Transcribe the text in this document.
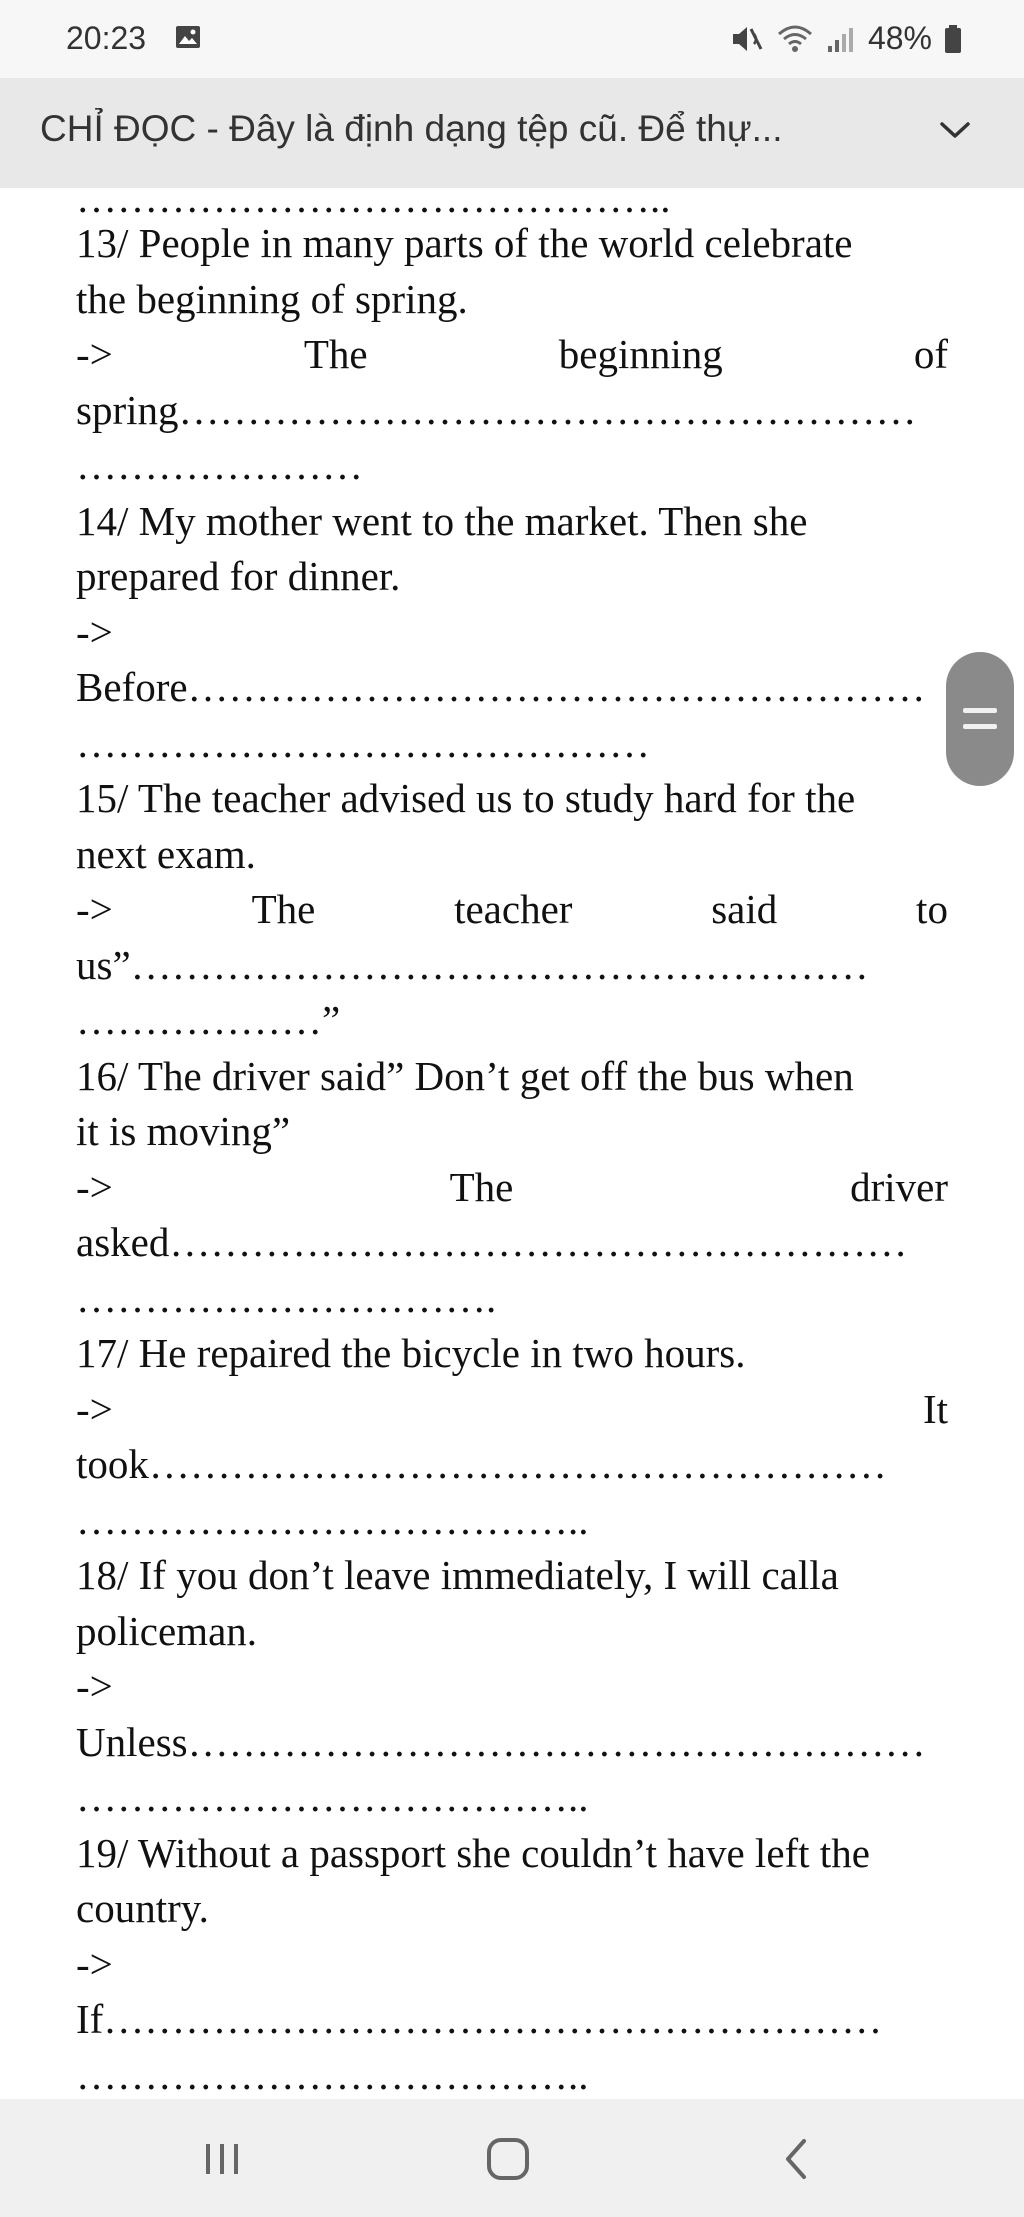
20:23	48%
CHỈ ĐỌC - Đây là định dạng tệp cũ. Để thự...
……………………………………..
13/ People in many parts of the world celebrate
the beginning of spring.
->	The	beginning	of
spring………………………………………………
…………………
14/ My mother went to the market. Then she
prepared for dinner.
->
Before………………………………………………
……………………………………
15/ The teacher advised us to study hard for the
next exam.
->	The	teacher	said	to
us”………………………………………………
………………”
16/ The driver said” Don’t get off the bus when
it is moving”
->	The	driver
asked………………………………………………
………………………….
17/ He repaired the bicycle in two hours.
->	It
took………………………………………………
………………………………..
18/ If you don’t leave immediately, I will calla
policeman.
->
Unless………………………………………………
………………………………..
19/ Without a passport she couldn’t have left the
country.
->
If…………………………………………………
………………………………..
